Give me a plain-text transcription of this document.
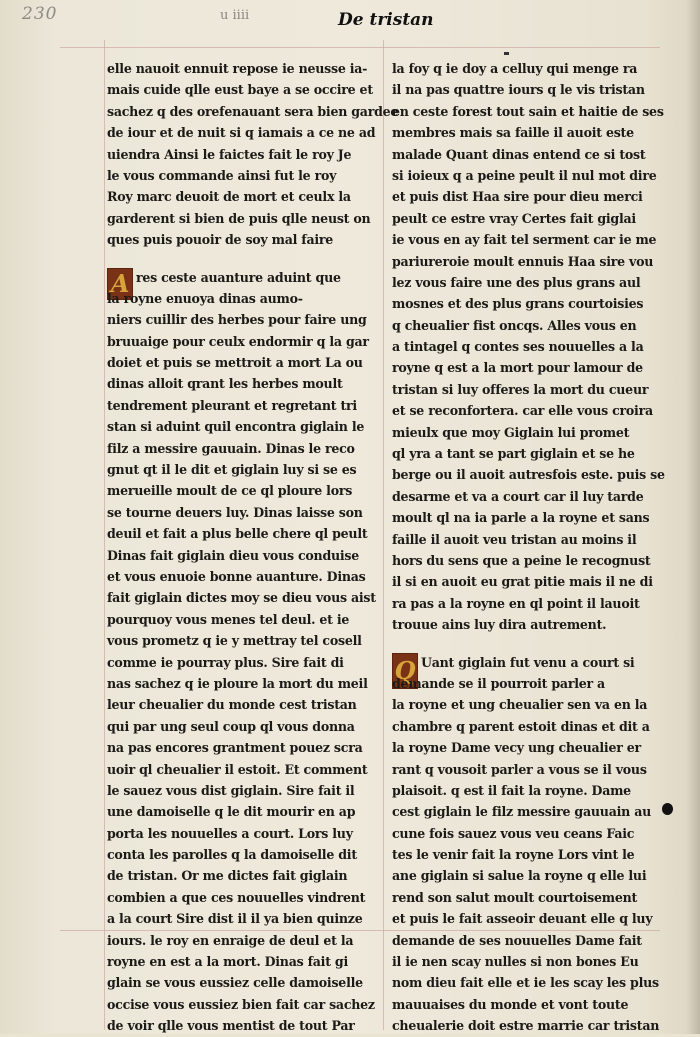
230	u iiii	De tristan
elle nauoit ennuit repose ie neusse ia-
mais cuide qlle eust baye a se occire et
sachez q des orefenauant sera bien gardee
de iour et de nuit si q iamais a ce ne ad
uiendra Ainsi le faictes fait le roy Je
le vous commande ainsi fut le roy
Roy marc deuoit de mort et ceulx la
garderent si bien de puis qlle neust on
ques puis pouoir de soy mal faire
A res ceste auanture aduint que
la royne enuoya dinas aumo-
niers cuillir des herbes pour faire ung
bruuaige pour ceulx endormir q la gar
doiet et puis se mettroit a mort La ou
dinas alloit qrant les herbes moult
tendrement pleurant et regretant tri
stan si aduint quil encontra giglain le
filz a messire gauuain. Dinas le reco
gnut qt il le dit et giglain luy si se es
merueille moult de ce ql ploure lors
se tourne deuers luy. Dinas laisse son
deuil et fait a plus belle chere ql peult
Dinas fait giglain dieu vous conduise
et vous enuoie bonne auanture. Dinas
fait giglain dictes moy se dieu vous aist
pourquoy vous menes tel deul. et ie
vous prometz q ie y mettray tel cosell
comme ie pourray plus. Sire fait di
nas sachez q ie ploure la mort du meil
leur cheualier du monde cest tristan
qui par ung seul coup ql vous donna
na pas encores grantment pouez scra
uoir ql cheualier il estoit. Et comment
le sauez vous dist giglain. Sire fait il
une damoiselle q le dit mourir en ap
porta les nouuelles a court. Lors luy
conta les parolles q la damoiselle dit
de tristan. Or me dictes fait giglain
combien a que ces nouuelles vindrent
a la court Sire dist il il ya bien quinze
iours. le roy en enraige de deul et la
royne en est a la mort. Dinas fait gi
glain se vous eussiez celle damoiselle
occise vous eussiez bien fait car sachez
de voir qlle vous mentist de tout Par
la foy q ie doy a celluy qui menge ra
il na pas quattre iours q le vis tristan
en ceste forest tout sain et haitie de ses
membres mais sa faille il auoit este
malade Quant dinas entend ce si tost
si ioieux q a peine peult il nul mot dire
et puis dist Haa sire pour dieu merci
peult ce estre vray Certes fait giglai
ie vous en ay fait tel serment car ie me
pariureroie moult ennuis Haa sire vou
lez vous faire une des plus grans aul
mosnes et des plus grans courtoisies
q cheualier fist oncqs. Alles vous en
a tintagel q contes ses nouuelles a la
royne q est a la mort pour lamour de
tristan si luy offeres la mort du cueur
et se reconfortera. car elle vous croira
mieulx que moy Giglain lui promet
ql yra a tant se part giglain et se he
berge ou il auoit autresfois este. puis se
desarme et va a court car il luy tarde
moult ql na ia parle a la royne et sans
faille il auoit veu tristan au moins il
hors du sens que a peine le recognust
il si en auoit eu grat pitie mais il ne di
ra pas a la royne en ql point il lauoit
trouue ains luy dira autrement.
Q Uant giglain fut venu a court si
demande se il pourroit parler a
la royne et ung cheualier sen va en la
chambre q parent estoit dinas et dit a
la royne Dame vecy ung cheualier er
rant q vousoit parler a vous se il vous
plaisoit. q est il fait la royne. Dame
cest giglain le filz messire gauuain au
cune fois sauez vous veu ceans Faic
tes le venir fait la royne Lors vint le
ane giglain si salue la royne q elle lui
rend son salut moult courtoisement
et puis le fait asseoir deuant elle q luy
demande de ses nouuelles Dame fait
il ie nen scay nulles si non bones Eu
nom dieu fait elle et ie les scay les plus
mauuaises du monde et vont toute
cheualerie doit estre marrie car tristan
